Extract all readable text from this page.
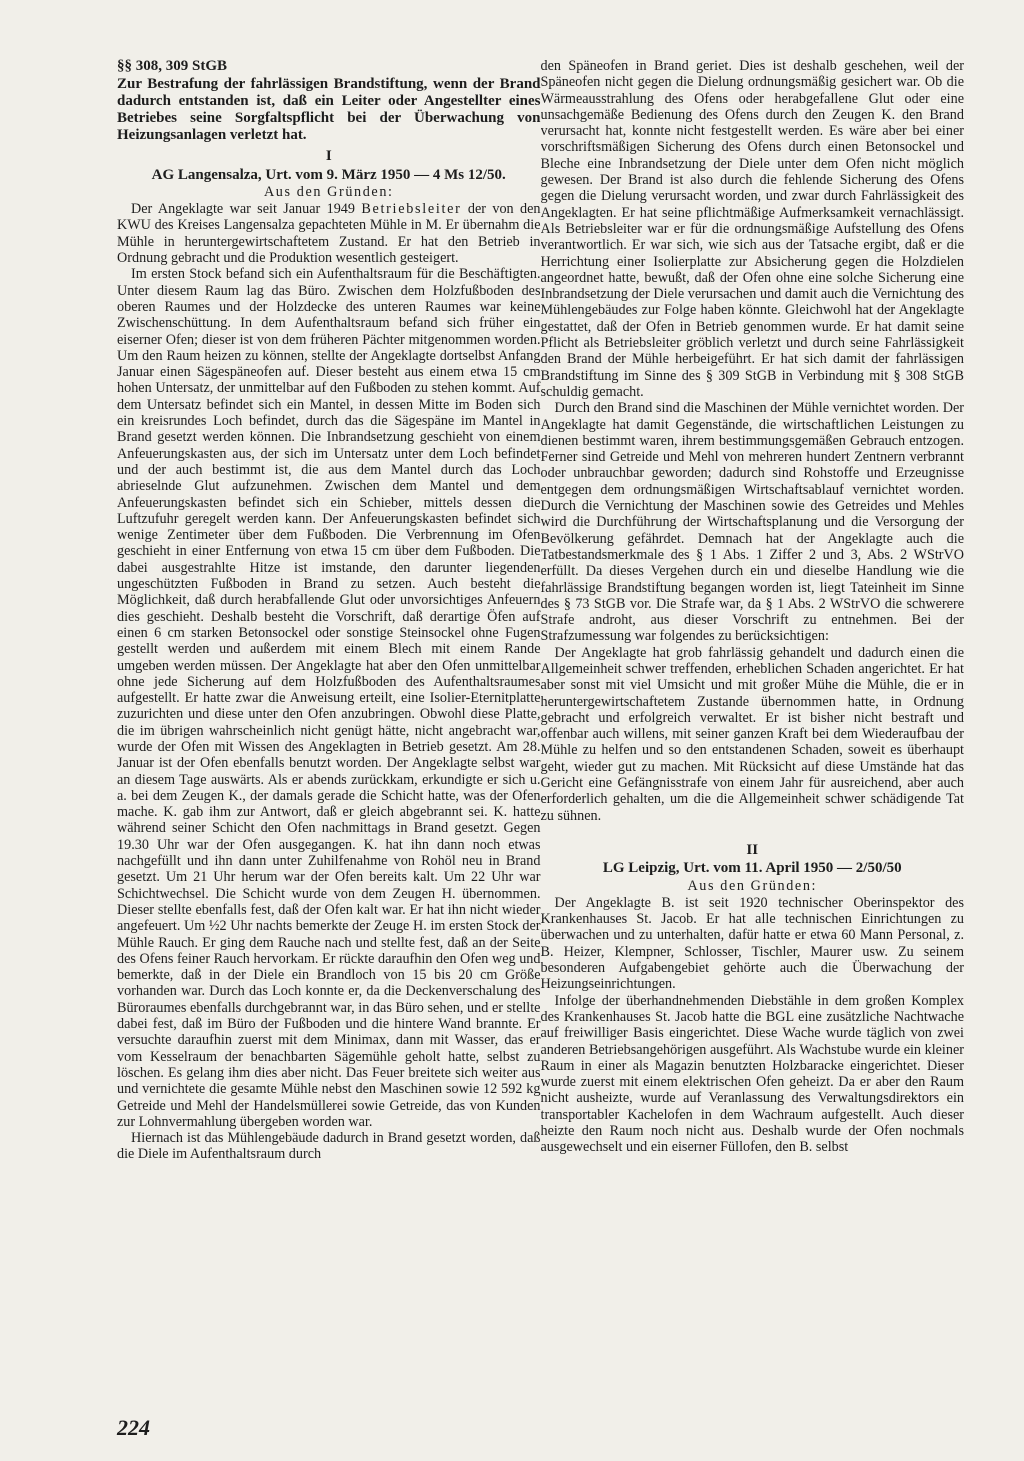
§§ 308, 309 StGB

Zur Bestrafung der fahrlässigen Brandstiftung, wenn der Brand dadurch entstanden ist, daß ein Leiter oder Angestellter eines Betriebes seine Sorgfaltspflicht bei der Überwachung von Heizungsanlagen verletzt hat.

I
AG Langensalza, Urt. vom 9. März 1950 — 4 Ms 12/50.
Aus den Gründen:

Der Angeklagte war seit Januar 1949 Betriebsleiter der von den KWU des Kreises Langensalza gepachteten Mühle in M. Er übernahm die Mühle in heruntergewirtschaftetem Zustand. Er hat den Betrieb in Ordnung gebracht und die Produktion wesentlich gesteigert.

Im ersten Stock befand sich ein Aufenthaltsraum für die Beschäftigten. Unter diesem Raum lag das Büro. Zwischen dem Holzfußboden des oberen Raumes und der Holzdecke des unteren Raumes war keine Zwischenschüttung. In dem Aufenthaltsraum befand sich früher ein eiserner Ofen; dieser ist von dem früheren Pächter mitgenommen worden. Um den Raum heizen zu können, stellte der Angeklagte dortselbst Anfang Januar einen Sägespäneofen auf. Dieser besteht aus einem etwa 15 cm hohen Untersatz, der unmittelbar auf den Fußboden zu stehen kommt. Auf dem Untersatz befindet sich ein Mantel, in dessen Mitte im Boden sich ein kreisrundes Loch befindet, durch das die Sägespäne im Mantel in Brand gesetzt werden können. Die Inbrandsetzung geschieht von einem Anfeuerungskasten aus, der sich im Untersatz unter dem Loch befindet und der auch bestimmt ist, die aus dem Mantel durch das Loch abrieselnde Glut aufzunehmen. Zwischen dem Mantel und dem Anfeuerungskasten befindet sich ein Schieber, mittels dessen die Luftzufuhr geregelt werden kann. Der Anfeuerungskasten befindet sich wenige Zentimeter über dem Fußboden. Die Verbrennung im Ofen geschieht in einer Entfernung von etwa 15 cm über dem Fußboden. Die dabei ausgestrahlte Hitze ist imstande, den darunter liegenden ungeschützten Fußboden in Brand zu setzen. Auch besteht die Möglichkeit, daß durch herabfallende Glut oder unvorsichtiges Anfeuern dies geschieht. Deshalb besteht die Vorschrift, daß derartige Öfen auf einen 6 cm starken Betonsockel oder sonstige Steinsockel ohne Fugen gestellt werden und außerdem mit einem Blech mit einem Rande umgeben werden müssen. Der Angeklagte hat aber den Ofen unmittelbar ohne jede Sicherung auf dem Holzfußboden des Aufenthaltsraumes aufgestellt. Er hatte zwar die Anweisung erteilt, eine Isolier-Eternitplatte zuzurichten und diese unter den Ofen anzubringen. Obwohl diese Platte, die im übrigen wahrscheinlich nicht genügt hätte, nicht angebracht war, wurde der Ofen mit Wissen des Angeklagten in Betrieb gesetzt. Am 28. Januar ist der Ofen ebenfalls benutzt worden. Der Angeklagte selbst war an diesem Tage auswärts. Als er abends zurückkam, erkundigte er sich u. a. bei dem Zeugen K., der damals gerade die Schicht hatte, was der Ofen mache. K. gab ihm zur Antwort, daß er gleich abgebrannt sei. K. hatte während seiner Schicht den Ofen nachmittags in Brand gesetzt. Gegen 19.30 Uhr war der Ofen ausgegangen. K. hat ihn dann noch etwas nachgefüllt und ihn dann unter Zuhilfenahme von Rohöl neu in Brand gesetzt. Um 21 Uhr herum war der Ofen bereits kalt. Um 22 Uhr war Schichtwechsel. Die Schicht wurde von dem Zeugen H. übernommen. Dieser stellte ebenfalls fest, daß der Ofen kalt war. Er hat ihn nicht wieder angefeuert. Um ½2 Uhr nachts bemerkte der Zeuge H. im ersten Stock der Mühle Rauch. Er ging dem Rauche nach und stellte fest, daß an der Seite des Ofens feiner Rauch hervorkam. Er rückte daraufhin den Ofen weg und bemerkte, daß in der Diele ein Brandloch von 15 bis 20 cm Größe vorhanden war. Durch das Loch konnte er, da die Deckenverschalung des Büroraumes ebenfalls durchgebrannt war, in das Büro sehen, und er stellte dabei fest, daß im Büro der Fußboden und die hintere Wand brannte. Er versuchte daraufhin zuerst mit dem Minimax, dann mit Wasser, das er vom Kesselraum der benachbarten Sägemühle geholt hatte, selbst zu löschen. Es gelang ihm dies aber nicht. Das Feuer breitete sich weiter aus und vernichtete die gesamte Mühle nebst den Maschinen sowie 12 592 kg Getreide und Mehl der Handelsmüllerei sowie Getreide, das von Kunden zur Lohnvermahlung übergeben worden war.

Hiernach ist das Mühlengebäude dadurch in Brand gesetzt worden, daß die Diele im Aufenthaltsraum durch

den Späneofen in Brand geriet. Dies ist deshalb geschehen, weil der Späneofen nicht gegen die Dielung ordnungsmäßig gesichert war. Ob die Wärmeausstrahlung des Ofens oder herabgefallene Glut oder eine unsachgemäße Bedienung des Ofens durch den Zeugen K. den Brand verursacht hat, konnte nicht festgestellt werden. Es wäre aber bei einer vorschriftsmäßigen Sicherung des Ofens durch einen Betonsockel und Bleche eine Inbrandsetzung der Diele unter dem Ofen nicht möglich gewesen. Der Brand ist also durch die fehlende Sicherung des Ofens gegen die Dielung verursacht worden, und zwar durch Fahrlässigkeit des Angeklagten. Er hat seine pflichtmäßige Aufmerksamkeit vernachlässigt. Als Betriebsleiter war er für die ordnungsmäßige Aufstellung des Ofens verantwortlich. Er war sich, wie sich aus der Tatsache ergibt, daß er die Herrichtung einer Isolierplatte zur Absicherung gegen die Holzdielen angeordnet hatte, bewußt, daß der Ofen ohne eine solche Sicherung eine Inbrandsetzung der Diele verursachen und damit auch die Vernichtung des Mühlengebäudes zur Folge haben könnte. Gleichwohl hat der Angeklagte gestattet, daß der Ofen in Betrieb genommen wurde. Er hat damit seine Pflicht als Betriebsleiter gröblich verletzt und durch seine Fahrlässigkeit den Brand der Mühle herbeigeführt. Er hat sich damit der fahrlässigen Brandstiftung im Sinne des § 309 StGB in Verbindung mit § 308 StGB schuldig gemacht.

Durch den Brand sind die Maschinen der Mühle vernichtet worden. Der Angeklagte hat damit Gegenstände, die wirtschaftlichen Leistungen zu dienen bestimmt waren, ihrem bestimmungsgemäßen Gebrauch entzogen. Ferner sind Getreide und Mehl von mehreren hundert Zentnern verbrannt oder unbrauchbar geworden; dadurch sind Rohstoffe und Erzeugnisse entgegen dem ordnungsmäßigen Wirtschaftsablauf vernichtet worden. Durch die Vernichtung der Maschinen sowie des Getreides und Mehles wird die Durchführung der Wirtschaftsplanung und die Versorgung der Bevölkerung gefährdet. Demnach hat der Angeklagte auch die Tatbestandsmerkmale des § 1 Abs. 1 Ziffer 2 und 3, Abs. 2 WStrVO erfüllt. Da dieses Vergehen durch ein und dieselbe Handlung wie die fahrlässige Brandstiftung begangen worden ist, liegt Tateinheit im Sinne des § 73 StGB vor. Die Strafe war, da § 1 Abs. 2 WStrVO die schwerere Strafe androht, aus dieser Vorschrift zu entnehmen. Bei der Strafzumessung war folgendes zu berücksichtigen:

Der Angeklagte hat grob fahrlässig gehandelt und dadurch einen die Allgemeinheit schwer treffenden, erheblichen Schaden angerichtet. Er hat aber sonst mit viel Umsicht und mit großer Mühe die Mühle, die er in heruntergewirtschaftetem Zustande übernommen hatte, in Ordnung gebracht und erfolgreich verwaltet. Er ist bisher nicht bestraft und offenbar auch willens, mit seiner ganzen Kraft bei dem Wiederaufbau der Mühle zu helfen und so den entstandenen Schaden, soweit es überhaupt geht, wieder gut zu machen. Mit Rücksicht auf diese Umstände hat das Gericht eine Gefängnisstrafe von einem Jahr für ausreichend, aber auch erforderlich gehalten, um die die Allgemeinheit schwer schädigende Tat zu sühnen.

II
LG Leipzig, Urt. vom 11. April 1950 — 2/50/50
Aus den Gründen:

Der Angeklagte B. ist seit 1920 technischer Oberinspektor des Krankenhauses St. Jacob. Er hat alle technischen Einrichtungen zu überwachen und zu unterhalten, dafür hatte er etwa 60 Mann Personal, z. B. Heizer, Klempner, Schlosser, Tischler, Maurer usw. Zu seinem besonderen Aufgabengebiet gehörte auch die Überwachung der Heizungseinrichtungen.

Infolge der überhandnehmenden Diebstähle in dem großen Komplex des Krankenhauses St. Jacob hatte die BGL eine zusätzliche Nachtwache auf freiwilliger Basis eingerichtet. Diese Wache wurde täglich von zwei anderen Betriebsangehörigen ausgeführt. Als Wachstube wurde ein kleiner Raum in einer als Magazin benutzten Holzbaracke eingerichtet. Dieser wurde zuerst mit einem elektrischen Ofen geheizt. Da er aber den Raum nicht ausheizte, wurde auf Veranlassung des Verwaltungsdirektors ein transportabler Kachelofen in dem Wachraum aufgestellt. Auch dieser heizte den Raum noch nicht aus. Deshalb wurde der Ofen nochmals ausgewechselt und ein eiserner Füllofen, den B. selbst

224
